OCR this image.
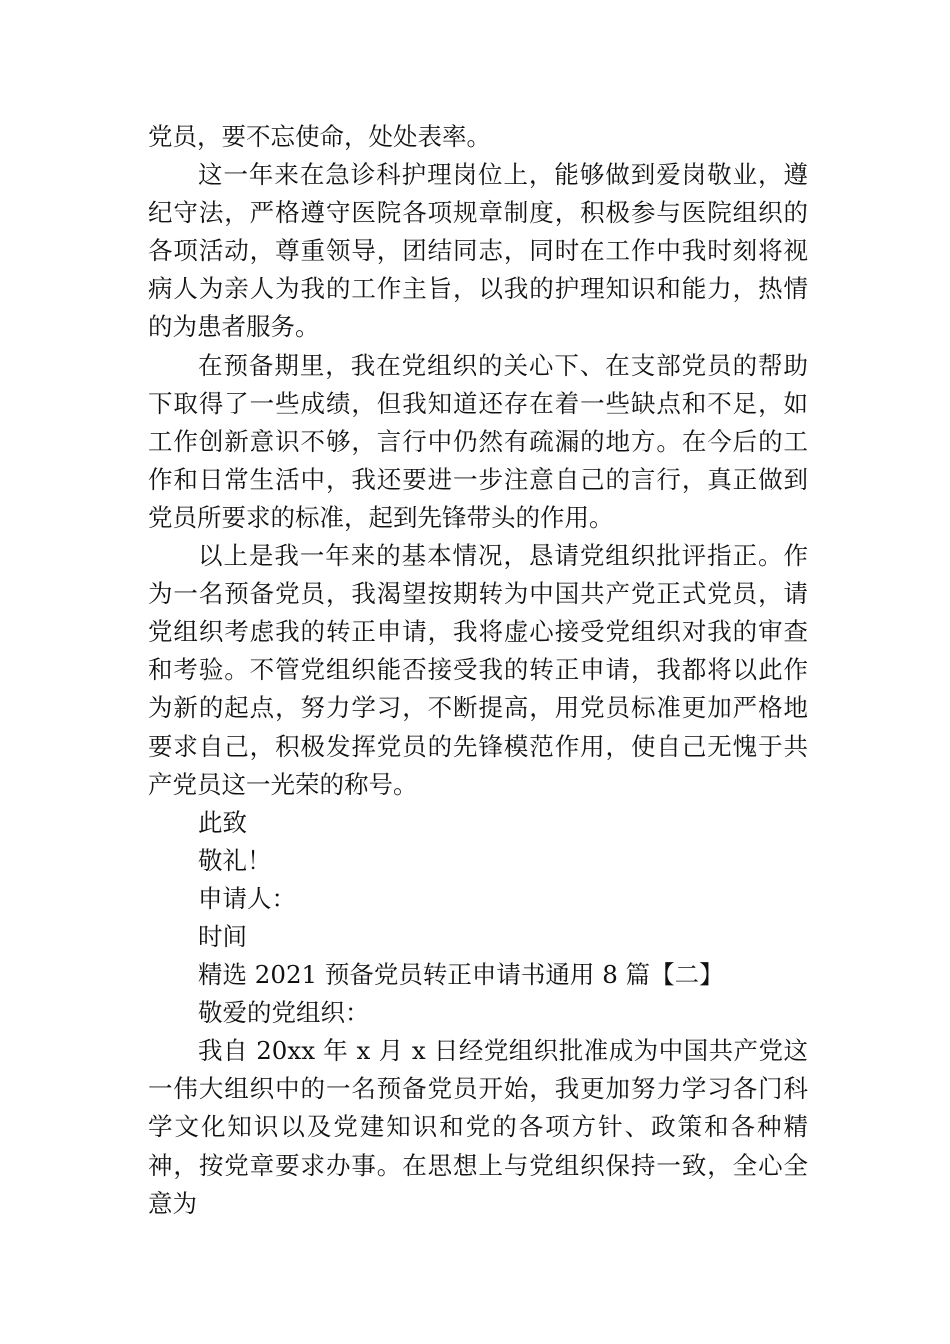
党员，要不忘使命，处处表率。

这一年来在急诊科护理岗位上，能够做到爱岗敬业，遵纪守法，严格遵守医院各项规章制度，积极参与医院组织的各项活动，尊重领导，团结同志，同时在工作中我时刻将视病人为亲人为我的工作主旨，以我的护理知识和能力，热情的为患者服务。

在预备期里，我在党组织的关心下、在支部党员的帮助下取得了一些成绩，但我知道还存在着一些缺点和不足，如工作创新意识不够，言行中仍然有疏漏的地方。在今后的工作和日常生活中，我还要进一步注意自己的言行，真正做到党员所要求的标准，起到先锋带头的作用。

以上是我一年来的基本情况，恳请党组织批评指正。作为一名预备党员，我渴望按期转为中国共产党正式党员，请党组织考虑我的转正申请，我将虚心接受党组织对我的审查和考验。不管党组织能否接受我的转正申请，我都将以此作为新的起点，努力学习，不断提高，用党员标准更加严格地要求自己，积极发挥党员的先锋模范作用，使自己无愧于共产党员这一光荣的称号。

此致

敬礼！

申请人：

时间

精选 2021 预备党员转正申请书通用 8 篇【二】

敬爱的党组织：

我自 20xx 年 x 月 x 日经党组织批准成为中国共产党这一伟大组织中的一名预备党员开始，我更加努力学习各门科学文化知识以及党建知识和党的各项方针、政策和各种精神，按党章要求办事。在思想上与党组织保持一致，全心全意为
